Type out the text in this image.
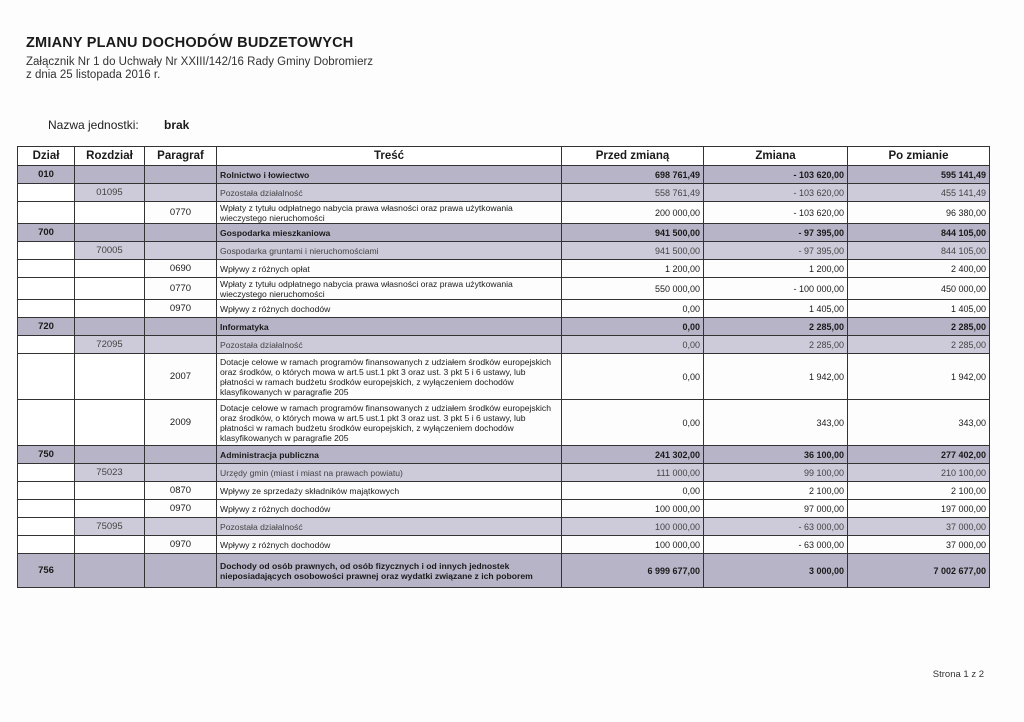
ZMIANY PLANU DOCHODÓW BUDZETOWYCH
Załącznik Nr 1 do Uchwały Nr XXIII/142/16 Rady Gminy Dobromierz
z dnia 25 listopada 2016 r.
Nazwa jednostki: brak
Dział	Rozdział	Paragraf	Treść	Przed zmianą	Zmiana	Po zmianie
010			Rolnictwo i łowiectwo	698 761,49	- 103 620,00	595 141,49
	01095		Pozostała działalność	558 761,49	- 103 620,00	455 141,49
		0770	Wpłaty z tytułu odpłatnego nabycia prawa własności oraz prawa użytkowania wieczystego nieruchomości	200 000,00	- 103 620,00	96 380,00
700			Gospodarka mieszkaniowa	941 500,00	- 97 395,00	844 105,00
	70005		Gospodarka gruntami i nieruchomościami	941 500,00	- 97 395,00	844 105,00
		0690	Wpływy z różnych opłat	1 200,00	1 200,00	2 400,00
		0770	Wpłaty z tytułu odpłatnego nabycia prawa własności oraz prawa użytkowania wieczystego nieruchomości	550 000,00	- 100 000,00	450 000,00
		0970	Wpływy z różnych dochodów	0,00	1 405,00	1 405,00
720			Informatyka	0,00	2 285,00	2 285,00
	72095		Pozostała działalność	0,00	2 285,00	2 285,00
		2007	Dotacje celowe w ramach programów finansowanych z udziałem środków europejskich oraz środków, o których mowa w art.5 ust.1 pkt 3 oraz ust. 3 pkt 5 i 6 ustawy, lub płatności w ramach budżetu środków europejskich, z wyłączeniem dochodów klasyfikowanych w paragrafie 205	0,00	1 942,00	1 942,00
		2009	Dotacje celowe w ramach programów finansowanych z udziałem środków europejskich oraz środków, o których mowa w art.5 ust.1 pkt 3 oraz ust. 3 pkt 5 i 6 ustawy, lub płatności w ramach budżetu środków europejskich, z wyłączeniem dochodów klasyfikowanych w paragrafie 205	0,00	343,00	343,00
750			Administracja publiczna	241 302,00	36 100,00	277 402,00
	75023		Urzędy gmin (miast i miast na prawach powiatu)	111 000,00	99 100,00	210 100,00
		0870	Wpływy ze sprzedaży składników majątkowych	0,00	2 100,00	2 100,00
		0970	Wpływy z różnych dochodów	100 000,00	97 000,00	197 000,00
	75095		Pozostała działalność	100 000,00	- 63 000,00	37 000,00
		0970	Wpływy z różnych dochodów	100 000,00	- 63 000,00	37 000,00
756			Dochody od osób prawnych, od osób fizycznych i od innych jednostek nieposiadających osobowości prawnej oraz wydatki związane z ich poborem	6 999 677,00	3 000,00	7 002 677,00
Strona 1 z 2
